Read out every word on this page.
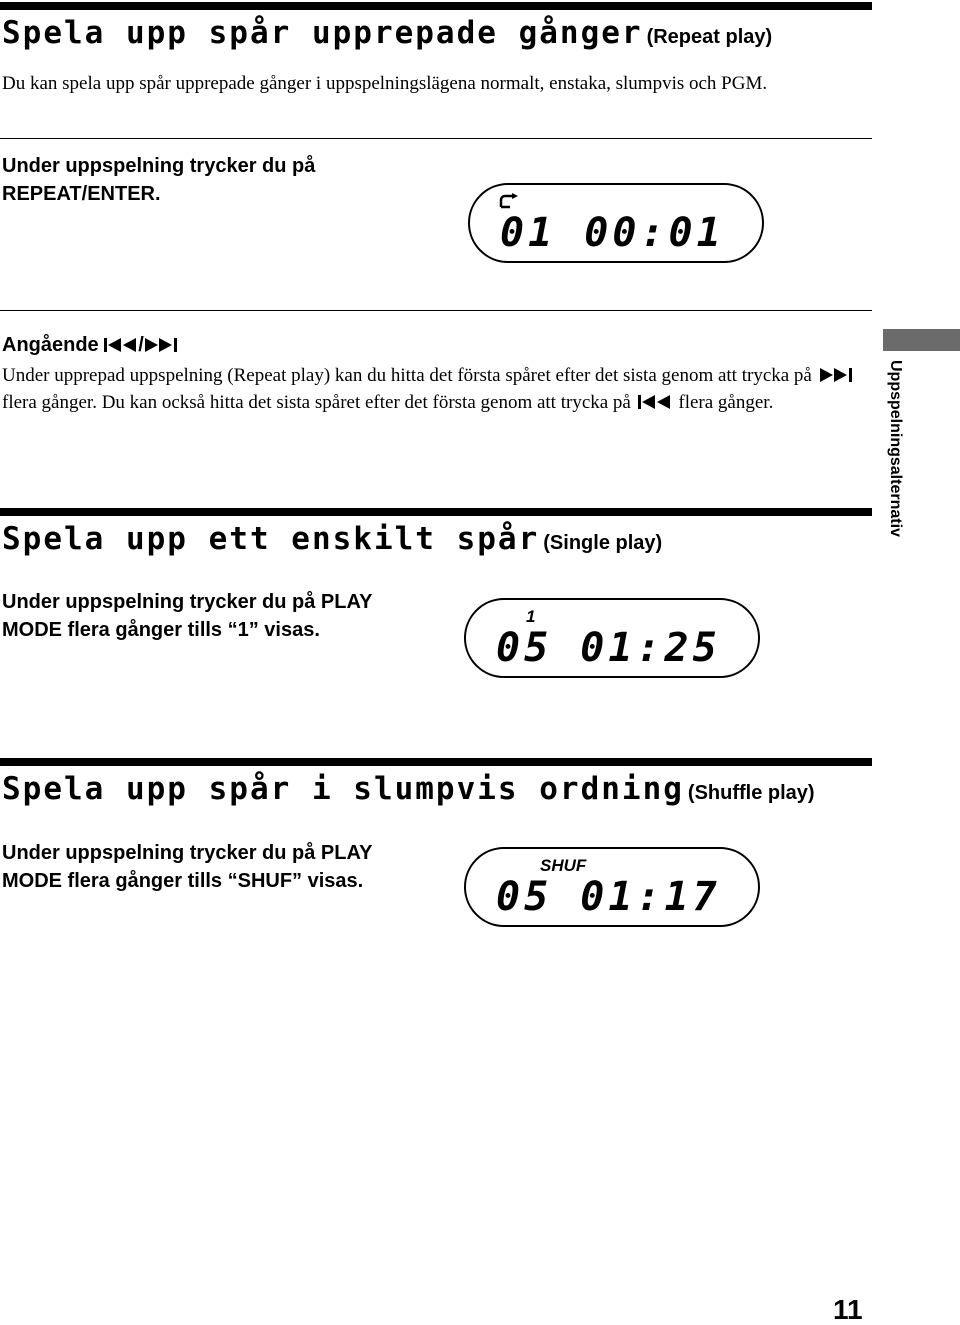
Spela upp spår upprepade gånger (Repeat play)

Du kan spela upp spår upprepade gånger i uppspelningslägena normalt, enstaka, slumpvis och PGM.

Under uppspelning trycker du på
REPEAT/ENTER.

01 00:01

Angående /

Under upprepad uppspelning (Repeat play) kan du hitta det första spåret efter det sista genom att trycka på  flera gånger. Du kan också hitta det sista spåret efter det första genom att trycka på	flera gånger.

Spela upp ett enskilt spår (Single play)

Under uppspelning trycker du på PLAY
MODE flera gånger tills “1” visas.

1
05 01:25
Spela upp spår i slumpvis ordning (Shuffle play)

Under uppspelning trycker du på PLAY
MODE flera gånger tills “SHUF” visas.

SHUF
05 01:17
Uppspelningsalternativ
11
